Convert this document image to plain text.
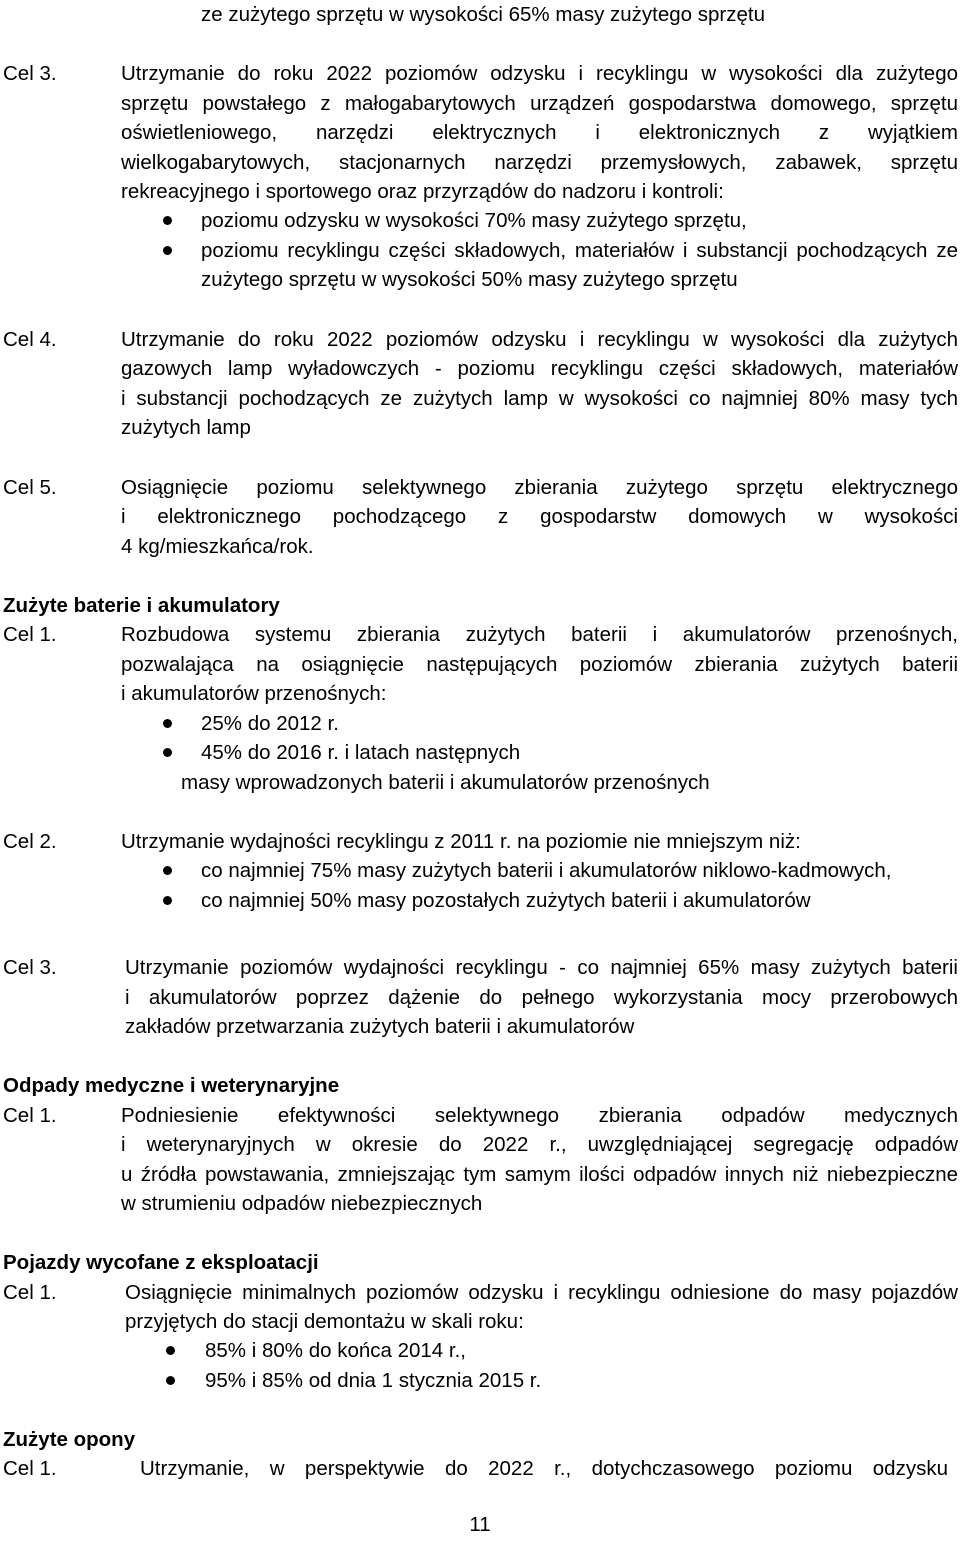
ze zużytego sprzętu w wysokości 65% masy zużytego sprzętu
Cel 3.	Utrzymanie do roku 2022 poziomów odzysku i recyklingu w wysokości dla zużytego
sprzętu powstałego z małogabarytowych urządzeń gospodarstwa domowego, sprzętu
oświetleniowego, narzędzi elektrycznych i elektronicznych z wyjątkiem
wielkogabarytowych, stacjonarnych narzędzi przemysłowych, zabawek, sprzętu
rekreacyjnego i sportowego oraz przyrządów do nadzoru i kontroli:
poziomu odzysku w wysokości 70% masy zużytego sprzętu,
poziomu recyklingu części składowych, materiałów i substancji pochodzących ze
zużytego sprzętu w wysokości 50% masy zużytego sprzętu
Cel 4.	Utrzymanie do roku 2022 poziomów odzysku i recyklingu w wysokości dla zużytych
gazowych lamp wyładowczych - poziomu recyklingu części składowych, materiałów
i substancji pochodzących ze zużytych lamp w wysokości co najmniej 80% masy tych
zużytych lamp
Cel 5.	Osiągnięcie poziomu selektywnego zbierania zużytego sprzętu elektrycznego
i elektronicznego pochodzącego z gospodarstw domowych w wysokości
4 kg/mieszkańca/rok.
Zużyte baterie i akumulatory
Cel 1.	Rozbudowa systemu zbierania zużytych baterii i akumulatorów przenośnych,
pozwalająca na osiągnięcie następujących poziomów zbierania zużytych baterii
i akumulatorów przenośnych:
25% do 2012 r.
45% do 2016 r. i latach następnych
masy wprowadzonych baterii i akumulatorów przenośnych
Cel 2.	Utrzymanie wydajności recyklingu z 2011 r. na poziomie nie mniejszym niż:
co najmniej 75% masy zużytych baterii i akumulatorów niklowo-kadmowych,
co najmniej 50% masy pozostałych zużytych baterii i akumulatorów
Cel 3.	Utrzymanie poziomów wydajności recyklingu - co najmniej 65% masy zużytych baterii
i akumulatorów poprzez dążenie do pełnego wykorzystania mocy przerobowych
zakładów przetwarzania zużytych baterii i akumulatorów
Odpady medyczne i weterynaryjne
Cel 1.	Podniesienie efektywności selektywnego zbierania odpadów medycznych
i weterynaryjnych w okresie do 2022 r., uwzględniającej segregację odpadów
u źródła powstawania, zmniejszając tym samym ilości odpadów innych niż niebezpieczne
w strumieniu odpadów niebezpiecznych
Pojazdy wycofane z eksploatacji
Cel 1.	Osiągnięcie minimalnych poziomów odzysku i recyklingu odniesione do masy pojazdów
przyjętych do stacji demontażu w skali roku:
85% i 80% do końca 2014 r.,
95% i 85% od dnia 1 stycznia 2015 r.
Zużyte opony
Cel 1.	Utrzymanie, w perspektywie do 2022 r., dotychczasowego poziomu odzysku
11
